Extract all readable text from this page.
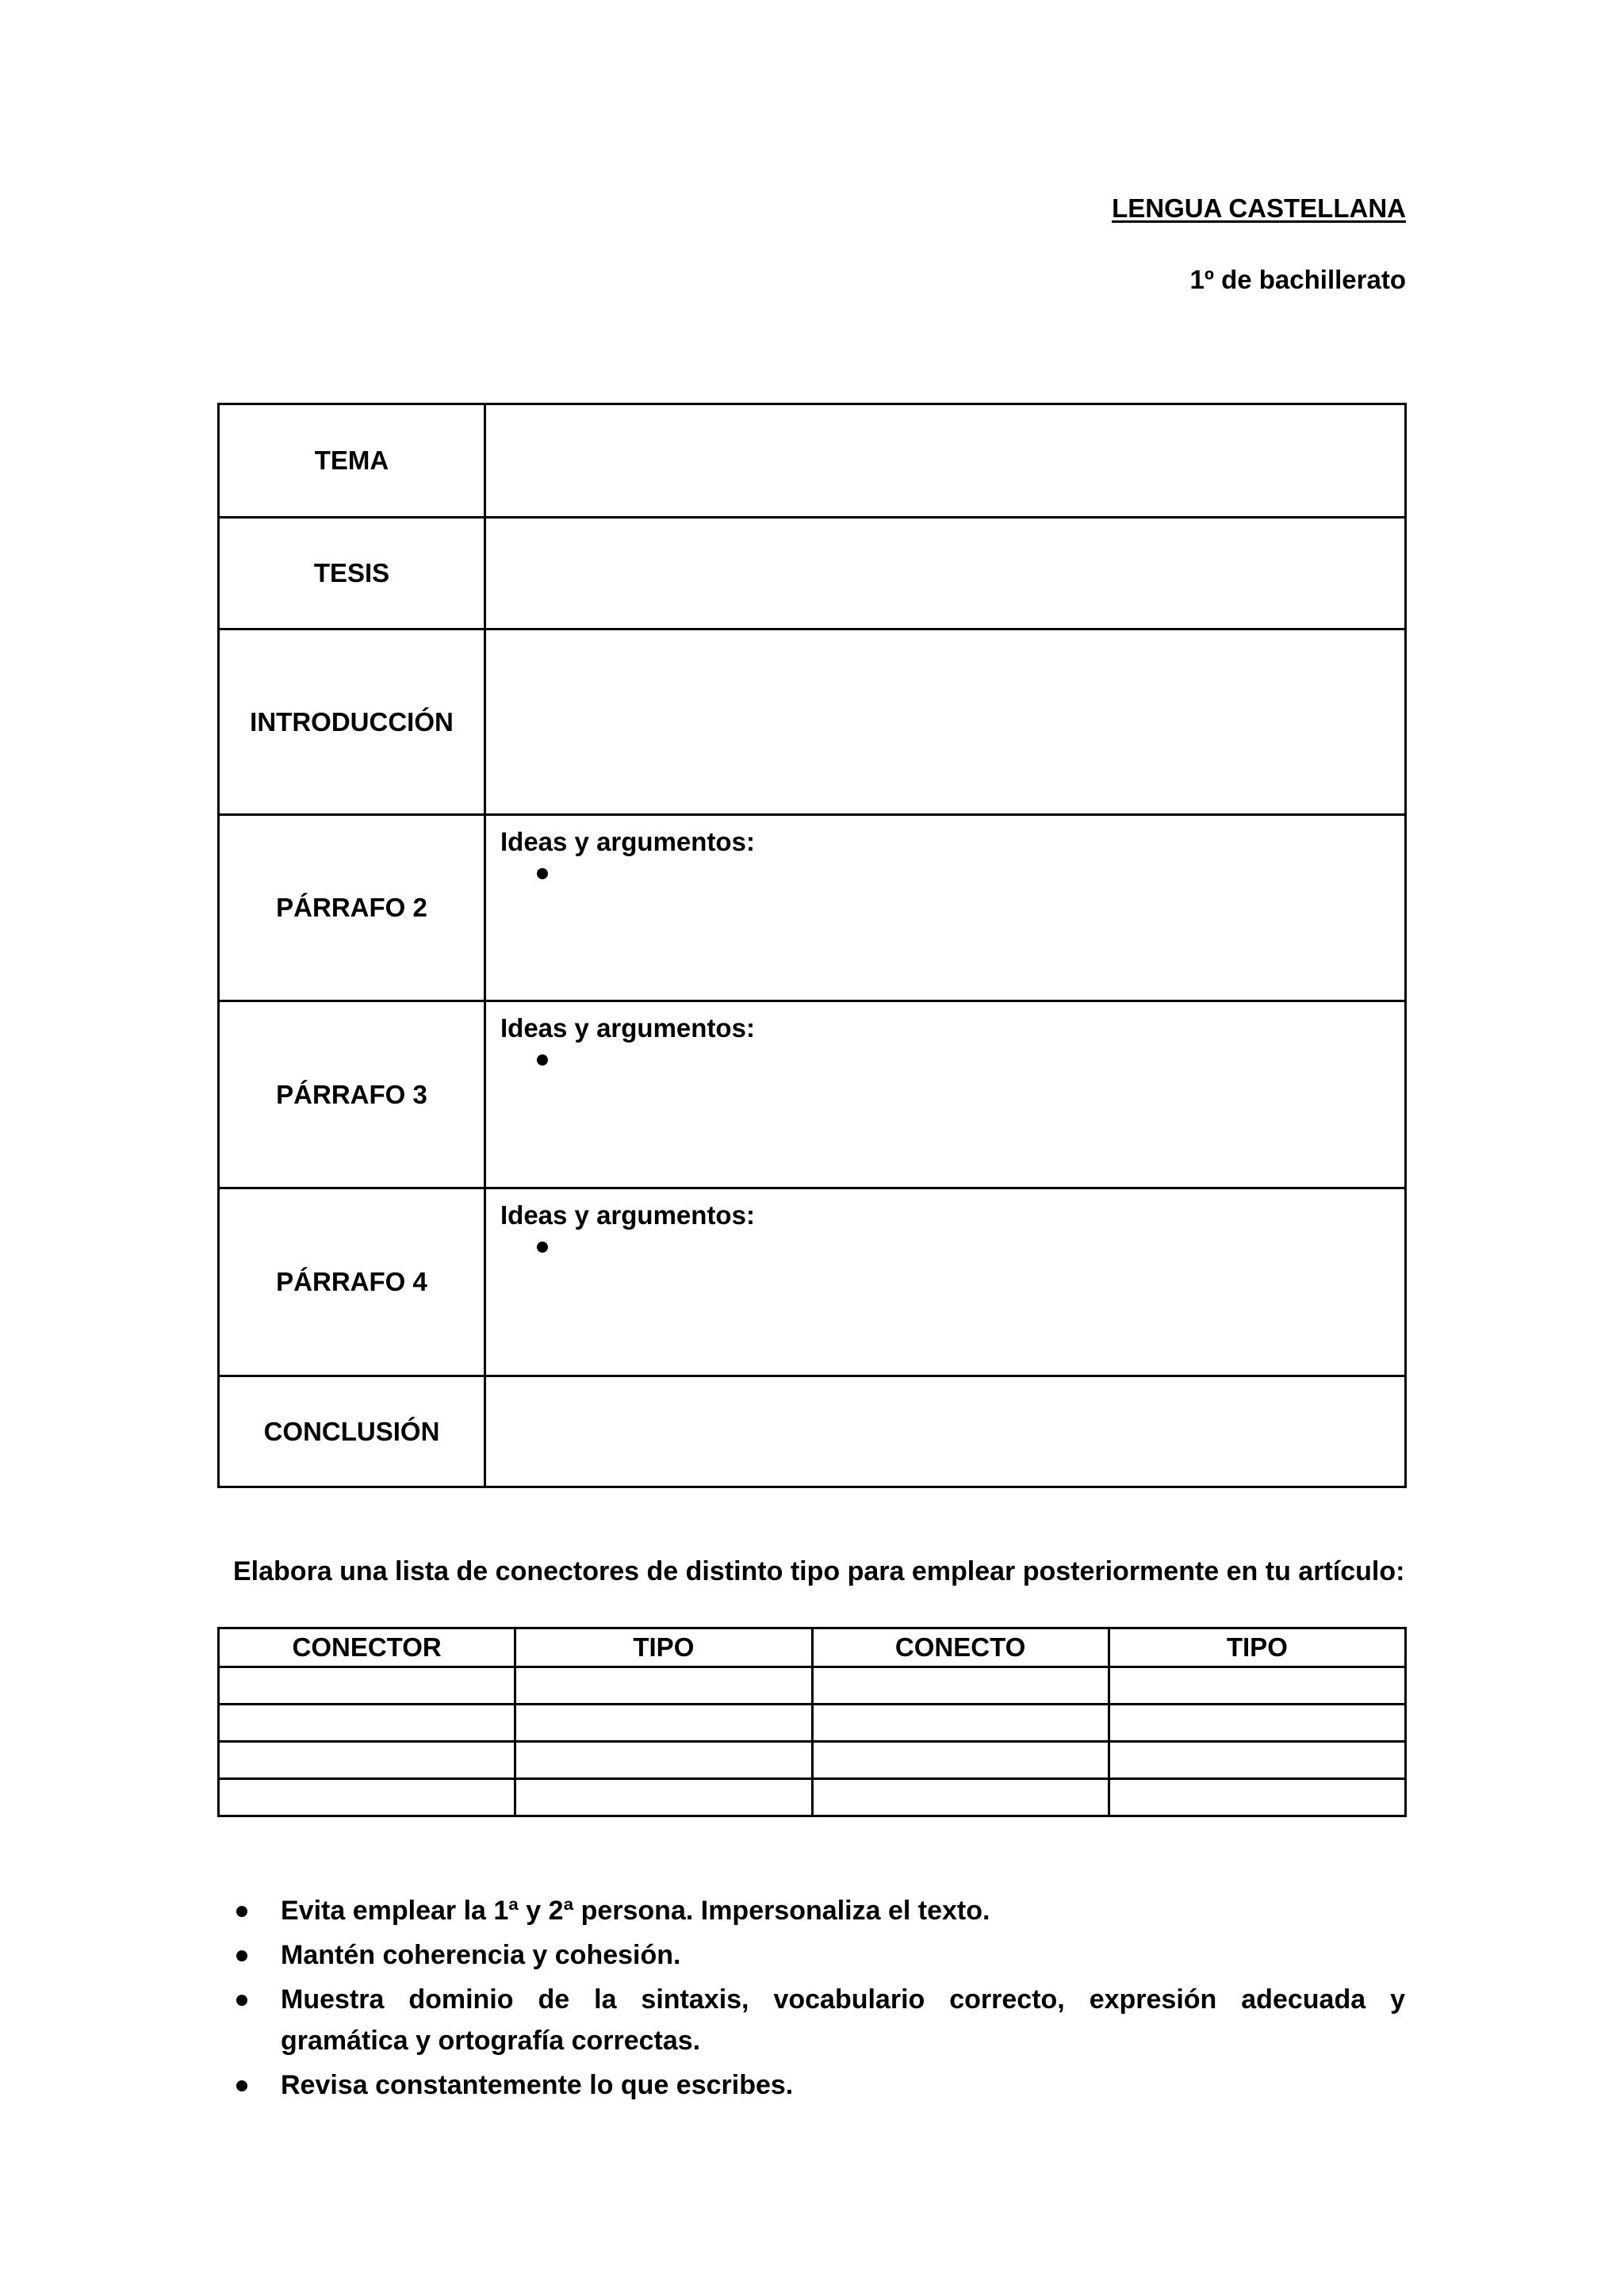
LENGUA CASTELLANA
1º de bachillerato
TEMA	
TESIS	
INTRODUCCIÓN	
PÁRRAFO 2	Ideas y argumentos:

PÁRRAFO 3	Ideas y argumentos:

PÁRRAFO 4	Ideas y argumentos:

CONCLUSIÓN	
Elabora una lista de conectores de distinto tipo para emplear posteriormente en tu artículo:
CONECTOR	TIPO	CONECTO	TIPO

Evita emplear la 1ª y 2ª persona. Impersonaliza el texto.
Mantén coherencia y cohesión.
Muestra dominio de la sintaxis, vocabulario correcto, expresión adecuada y
gramática y ortografía correctas.
Revisa constantemente lo que escribes.
